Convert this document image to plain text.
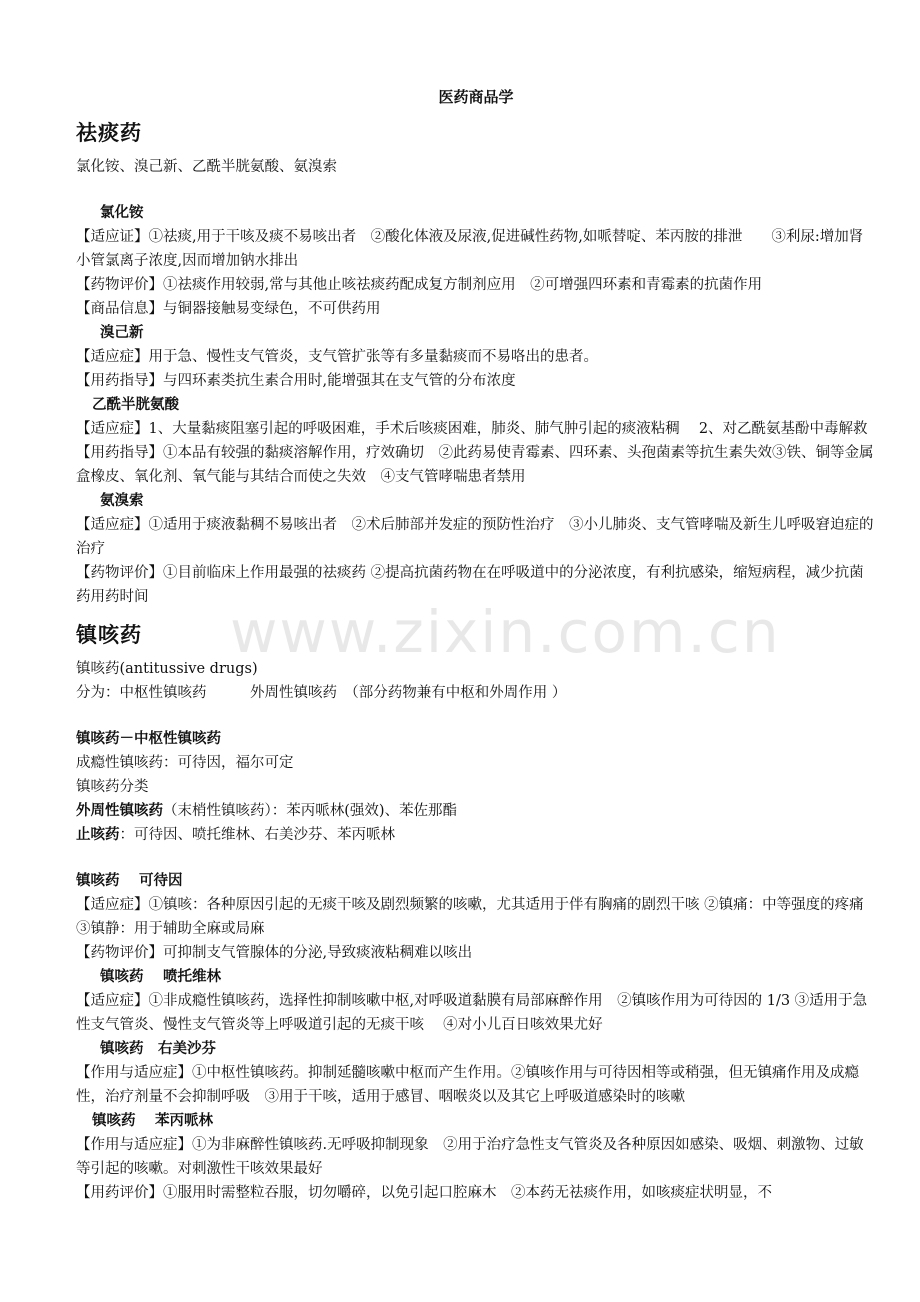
www.zixin.com.cn
医药商品学
祛痰药

氯化铵、溴己新、乙酰半胱氨酸、氨溴索

氯化铵

【适应证】①祛痰,用于干咳及痰不易咳出者　②酸化体液及尿液,促进碱性药物,如哌替啶、苯丙胺的排泄　　③利尿:增加肾小管氯离子浓度,因而增加钠水排出

【药物评价】①祛痰作用较弱,常与其他止咳祛痰药配成复方制剂应用　②可增强四环素和青霉素的抗菌作用

【商品信息】与铜器接触易变绿色，不可供药用

溴己新

【适应症】用于急、慢性支气管炎，支气管扩张等有多量黏痰而不易咯出的患者。

【用药指导】与四环素类抗生素合用时,能增强其在支气管的分布浓度

乙酰半胱氨酸

【适应症】1、大量黏痰阻塞引起的呼吸困难，手术后咳痰困难，肺炎、肺气肿引起的痰液粘稠　 2、对乙酰氨基酚中毒解救

【用药指导】①本品有较强的黏痰溶解作用，疗效确切　②此药易使青霉素、四环素、头孢菌素等抗生素失效③铁、铜等金属盒橡皮、氧化剂、氧气能与其结合而使之失效　④支气管哮喘患者禁用

氨溴索

【适应症】①适用于痰液黏稠不易咳出者　②术后肺部并发症的预防性治疗　③小儿肺炎、支气管哮喘及新生儿呼吸窘迫症的治疗

【药物评价】①目前临床上作用最强的祛痰药 ②提高抗菌药物在在呼吸道中的分泌浓度，有利抗感染，缩短病程，减少抗菌药用药时间

镇咳药

镇咳药(antitussive drugs)

分为：中枢性镇咳药　　　外周性镇咳药　（部分药物兼有中枢和外周作用 ）

镇咳药－中枢性镇咳药

成瘾性镇咳药：可待因，福尔可定

镇咳药分类

外周性镇咳药（末梢性镇咳药）：苯丙哌林(强效)、苯佐那酯

止咳药：可待因、喷托维林、右美沙芬、苯丙哌林

镇咳药　 可待因

【适应症】①镇咳：各种原因引起的无痰干咳及剧烈频繁的咳嗽，尤其适用于伴有胸痛的剧烈干咳 ②镇痛：中等强度的疼痛　③镇静：用于辅助全麻或局麻

【药物评价】可抑制支气管腺体的分泌,导致痰液粘稠难以咳出

镇咳药　 喷托维林

【适应症】①非成瘾性镇咳药，选择性抑制咳嗽中枢,对呼吸道黏膜有局部麻醉作用　②镇咳作用为可待因的 1/3 ③适用于急性支气管炎、慢性支气管炎等上呼吸道引起的无痰干咳　 ④对小儿百日咳效果尤好

镇咳药　右美沙芬

【作用与适应症】①中枢性镇咳药。抑制延髓咳嗽中枢而产生作用。②镇咳作用与可待因相等或稍强，但无镇痛作用及成瘾性，治疗剂量不会抑制呼吸　③用于干咳，适用于感冒、咽喉炎以及其它上呼吸道感染时的咳嗽

镇咳药　 苯丙哌林

【作用与适应症】①为非麻醉性镇咳药.无呼吸抑制现象　②用于治疗急性支气管炎及各种原因如感染、吸烟、刺激物、过敏等引起的咳嗽。对刺激性干咳效果最好

【用药评价】①服用时需整粒吞服，切勿嚼碎，以免引起口腔麻木　②本药无祛痰作用，如咳痰症状明显，不
